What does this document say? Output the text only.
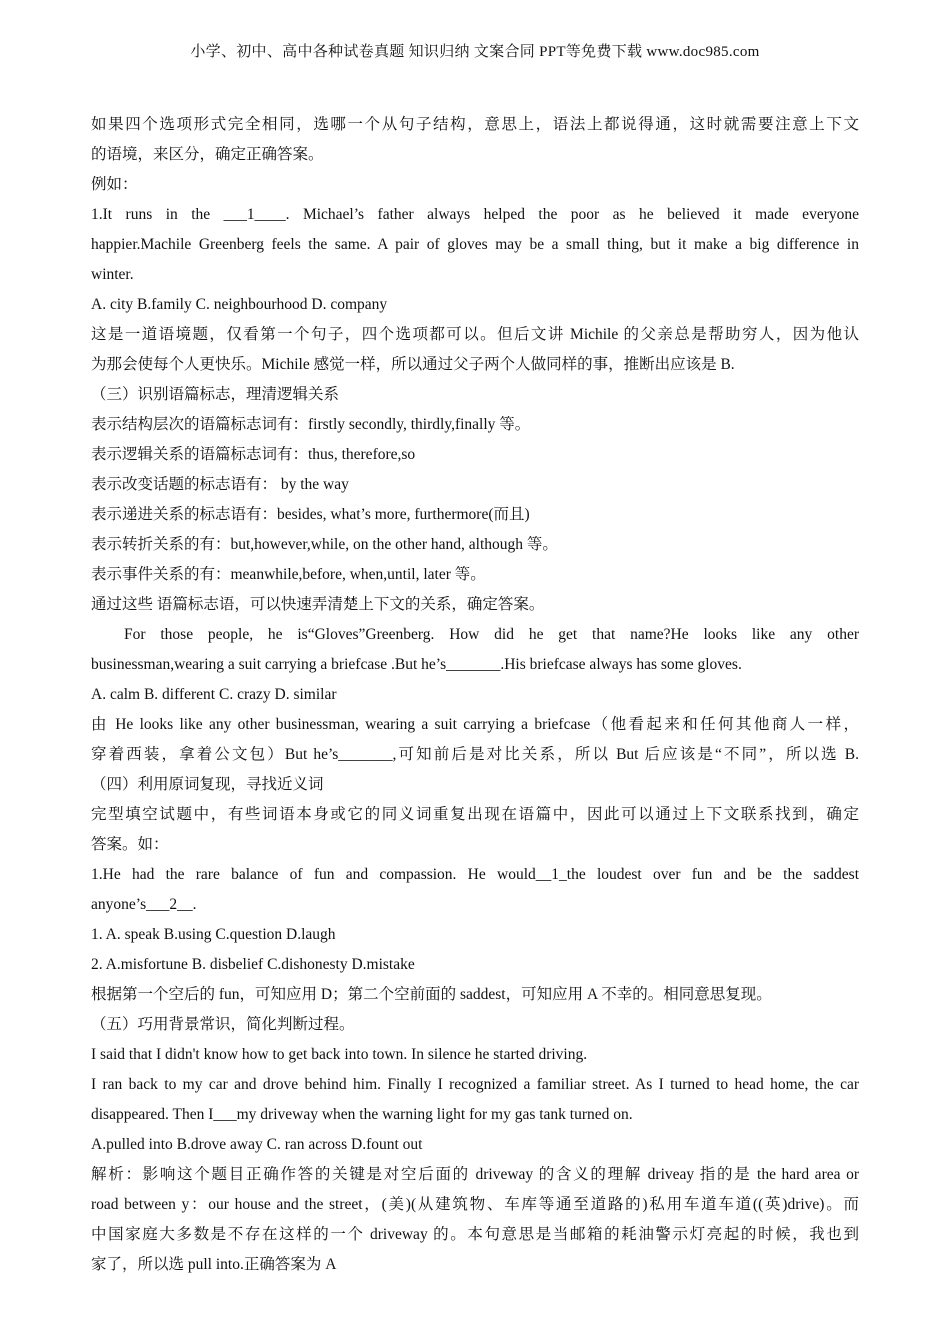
小学、初中、高中各种试卷真题 知识归纳 文案合同 PPT等免费下载 www.doc985.com
如果四个选项形式完全相同，选哪一个从句子结构，意思上，语法上都说得通，这时就需要注意上下文
的语境，来区分，确定正确答案。
例如：
1.It runs in the ___1____. Michael’s father always helped the poor as he believed it made everyone
happier.Machile Greenberg feels the same. A pair of gloves may be a small thing, but it make a big difference in
winter.
A. city B.family C. neighbourhood D. company
这是一道语境题，仅看第一个句子，四个选项都可以。但后文讲 Michile 的父亲总是帮助穷人，因为他认
为那会使每个人更快乐。Michile 感觉一样，所以通过父子两个人做同样的事，推断出应该是 B.
（三）识别语篇标志，理清逻辑关系
表示结构层次的语篇标志词有：firstly secondly, thirdly,finally 等。
表示逻辑关系的语篇标志词有：thus, therefore,so
表示改变话题的标志语有： by the way
表示递进关系的标志语有：besides, what’s more, furthermore(而且)
表示转折关系的有：but,however,while, on the other hand, although 等。
表示事件关系的有：meanwhile,before, when,until, later 等。
通过这些 语篇标志语，可以快速弄清楚上下文的关系，确定答案。
For those people, he is“Gloves”Greenberg. How did he get that name?He looks like any other
businessman,wearing a suit carrying a briefcase .But he’s_______.His briefcase always has some gloves.
A. calm B. different C. crazy D. similar
由 He looks like any other businessman, wearing a suit carrying a briefcase（他看起来和任何其他商人一样，
穿着西装，拿着公文包）But he’s_______,可知前后是对比关系，所以 But 后应该是“不同”，所以选 B.
（四）利用原词复现，寻找近义词
完型填空试题中，有些词语本身或它的同义词重复出现在语篇中，因此可以通过上下文联系找到，确定
答案。如：
1.He had the rare balance of fun and compassion. He would__1_the loudest over fun and be the saddest
anyone’s___2__.
1. A. speak B.using C.question D.laugh
2. A.misfortune B. disbelief C.dishonesty D.mistake
根据第一个空后的 fun，可知应用 D；第二个空前面的 saddest，可知应用 A 不幸的。相同意思复现。
（五）巧用背景常识，简化判断过程。
I said that I didn't know how to get back into town. In silence he started driving.
I ran back to my car and drove behind him. Finally I recognized a familiar street. As I turned to head home, the car
disappeared. Then I___my driveway when the warning light for my gas tank turned on.
A.pulled into B.drove away C. ran across D.fount out
解析：影响这个题目正确作答的关键是对空后面的 driveway 的含义的理解 driveay 指的是 the hard area or
road between y：our house and the street，(美)(从建筑物、车库等通至道路的)私用车道车道((英)drive)。而
中国家庭大多数是不存在这样的一个 driveway 的。本句意思是当邮箱的耗油警示灯亮起的时候，我也到
家了，所以选 pull into.正确答案为 A
